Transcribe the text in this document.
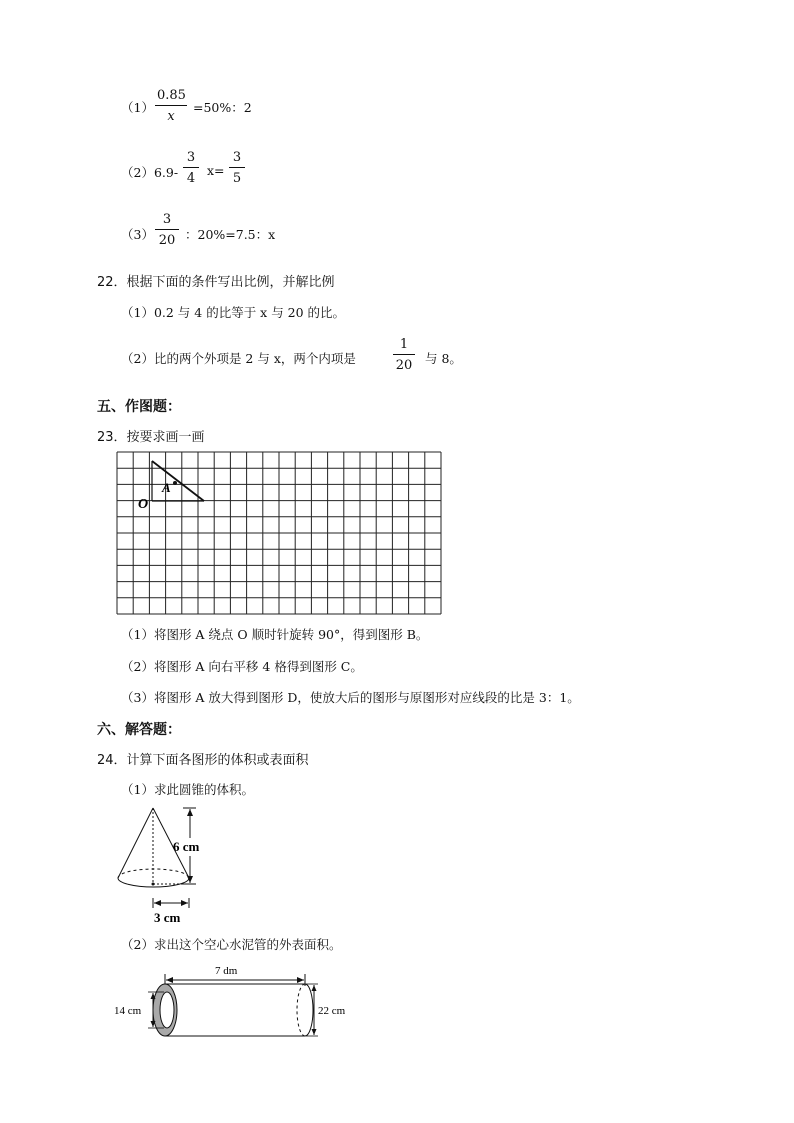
$(1) \frac{0.85}{x} =50\%$：2
$(2)6.9- \frac{3}{4} x= \frac{3}{5}$
$(3) \frac{3}{20}$ ：20%=7.5：x
22．根据下面的条件写出比例，并解比例
（1）0.2 与 4 的比等于 x 与 20 的比。
（2）比的两个外项是 2 与 x，两个内项是	$\frac{1}{20}$ 与 8。
五、作图题：
23．按要求画一画
A
O
（1）将图形 A 绕点 O 顺时针旋转 90°，得到图形 B。
（2）将图形 A 向右平移 4 格得到图形 C。
（3）将图形 A 放大得到图形 D，使放大后的图形与原图形对应线段的比是 3：1。
六、解答题：
24．计算下面各图形的体积或表面积
（1）求此圆锥的体积。
6 cm
3 cm
（2）求出这个空心水泥管的外表面积。
7 dm
14 cm	22 cm
